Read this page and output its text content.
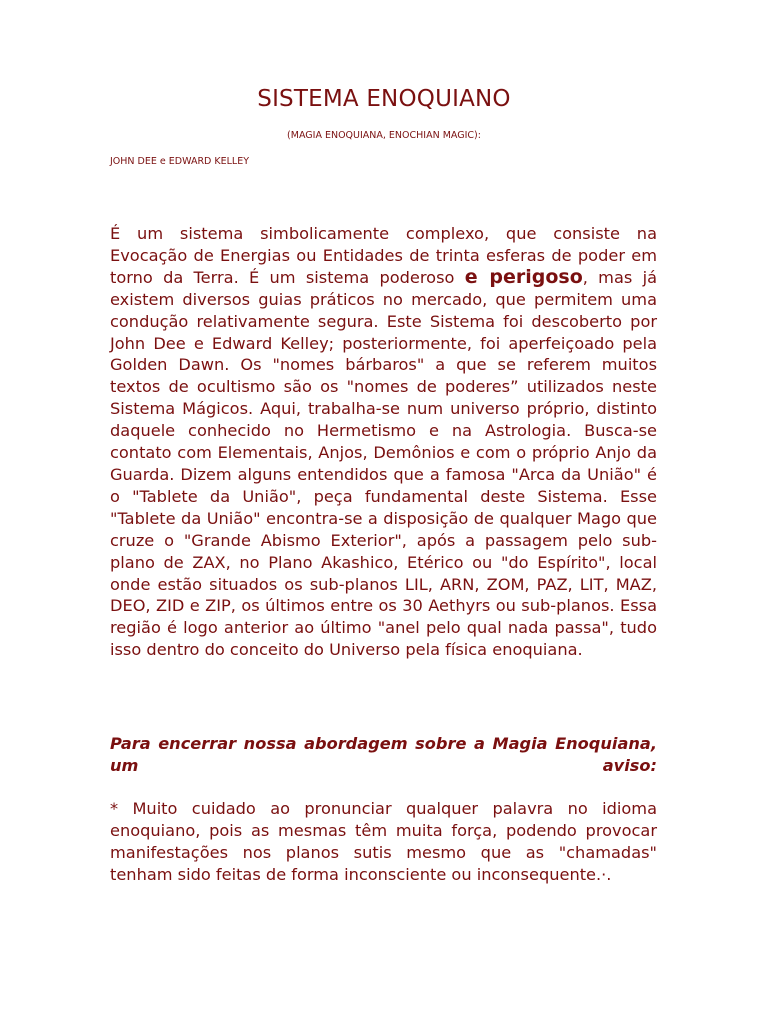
SISTEMA ENOQUIANO
(MAGIA ENOQUIANA, ENOCHIAN MAGIC):
JOHN DEE e EDWARD KELLEY

É um sistema simbolicamente complexo, que consiste na Evocação de Energias ou Entidades de trinta esferas de poder em torno da Terra. É um sistema poderoso e perigoso, mas já existem diversos guias práticos no mercado, que permitem uma condução relativamente segura. Este Sistema foi descoberto por John Dee e Edward Kelley; posteriormente, foi aperfeiçoado pela Golden Dawn. Os "nomes bárbaros" a que se referem muitos textos de ocultismo são os "nomes de poderes” utilizados neste Sistema Mágicos. Aqui, trabalha-se num universo próprio, distinto daquele conhecido no Hermetismo e na Astrologia. Busca-se contato com Elementais, Anjos, Demônios e com o próprio Anjo da Guarda. Dizem alguns entendidos que a famosa "Arca da União" é o "Tablete da União", peça fundamental deste Sistema. Esse "Tablete da União" encontra-se a disposição de qualquer Mago que cruze o "Grande Abismo Exterior", após a passagem pelo sub-plano de ZAX, no Plano Akashico, Etérico ou "do Espírito", local onde estão situados os sub-planos LIL, ARN, ZOM, PAZ, LIT, MAZ, DEO, ZID e ZIP, os últimos entre os 30 Aethyrs ou sub-planos. Essa região é logo anterior ao último "anel pelo qual nada passa", tudo isso dentro do conceito do Universo pela física enoquiana.

Para encerrar nossa abordagem sobre a Magia Enoquiana, um aviso:

* Muito cuidado ao pronunciar qualquer palavra no idioma enoquiano, pois as mesmas têm muita força, podendo provocar manifestações nos planos sutis mesmo que as "chamadas" tenham sido feitas de forma inconsciente ou inconsequente.·.
